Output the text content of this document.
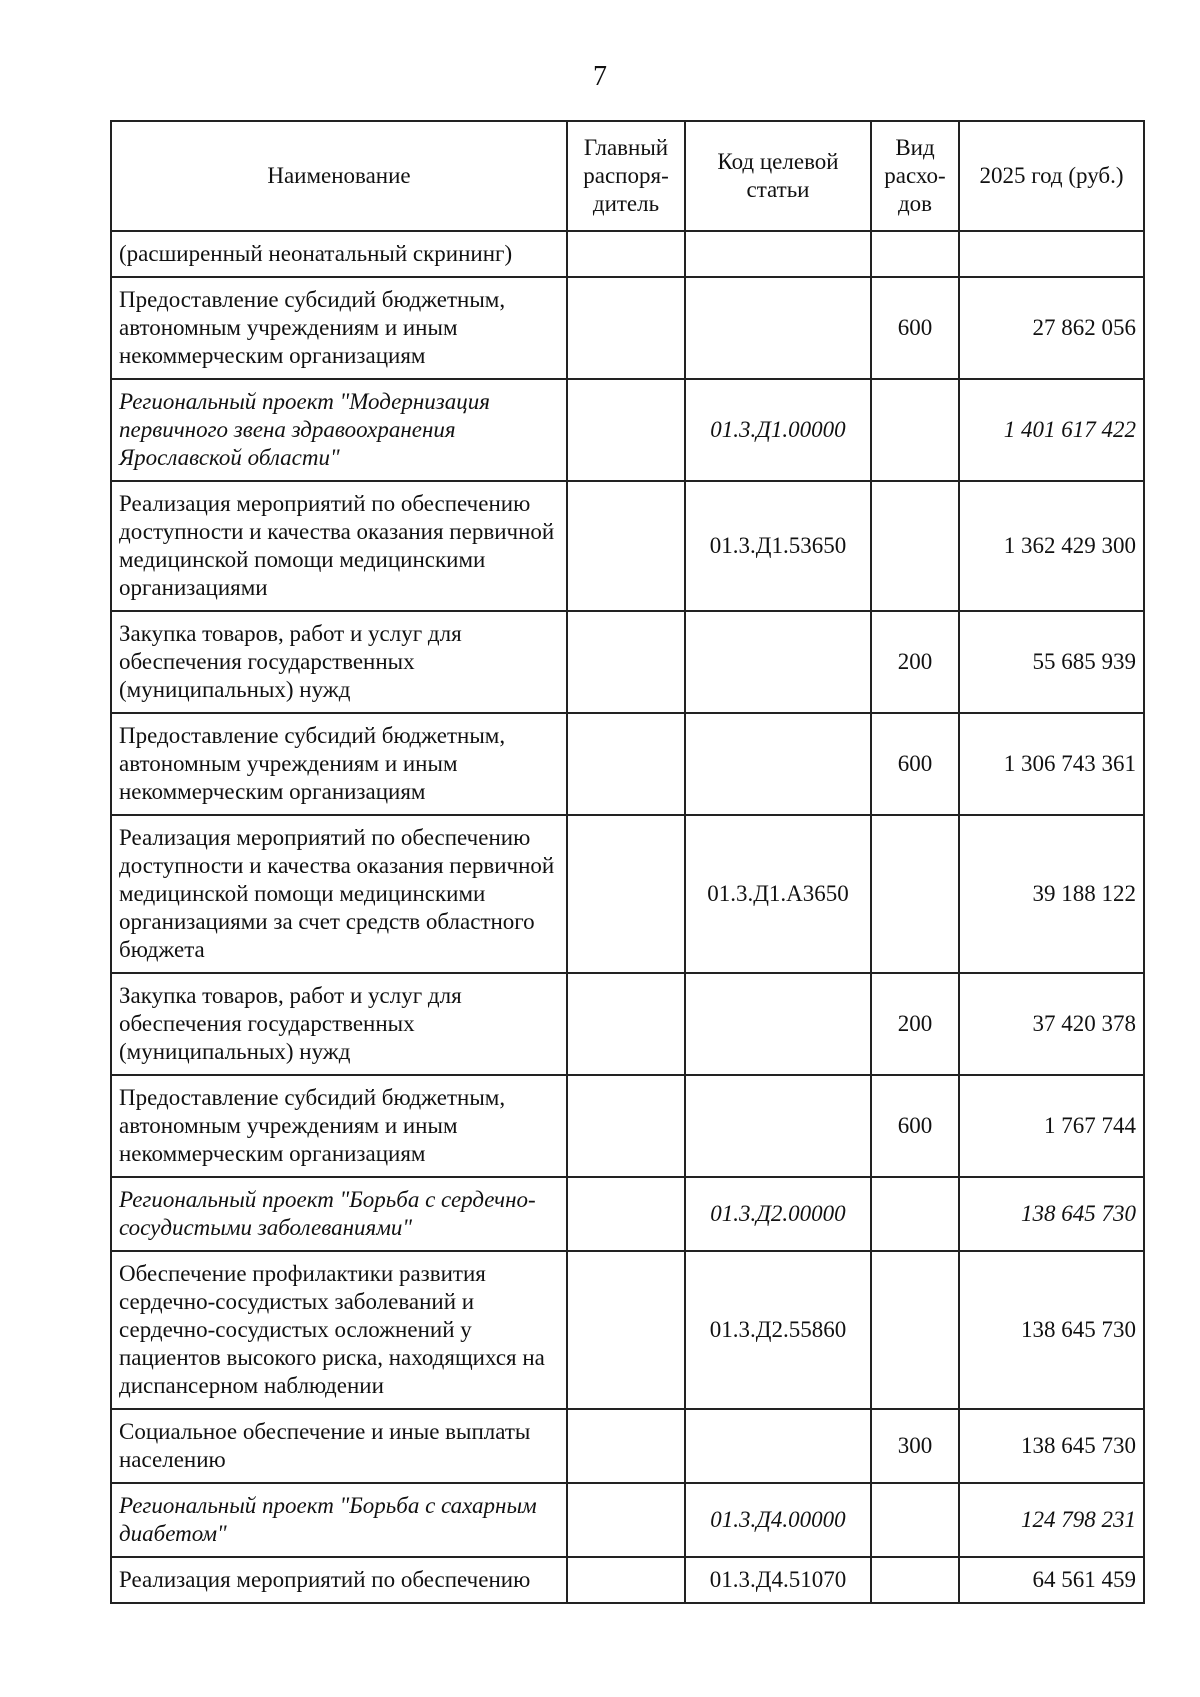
7
Наименование	Главный распоря-дитель	Код целевой статьи	Вид расхо-дов	2025 год (руб.)
(расширенный неонатальный скрининг)				
Предоставление субсидий бюджетным, автономным учреждениям и иным некоммерческим организациям			600	27 862 056
Региональный проект "Модернизация первичного звена здравоохранения Ярославской области"		01.3.Д1.00000		1 401 617 422
Реализация мероприятий по обеспечению доступности и качества оказания первичной медицинской помощи медицинскими организациями		01.3.Д1.53650		1 362 429 300
Закупка товаров, работ и услуг для обеспечения государственных (муниципальных) нужд			200	55 685 939
Предоставление субсидий бюджетным, автономным учреждениям и иным некоммерческим организациям			600	1 306 743 361
Реализация мероприятий по обеспечению доступности и качества оказания первичной медицинской помощи медицинскими организациями за счет средств областного бюджета		01.3.Д1.А3650		39 188 122
Закупка товаров, работ и услуг для обеспечения государственных (муниципальных) нужд			200	37 420 378
Предоставление субсидий бюджетным, автономным учреждениям и иным некоммерческим организациям			600	1 767 744
Региональный проект "Борьба с сердечно-сосудистыми заболеваниями"		01.3.Д2.00000		138 645 730
Обеспечение профилактики развития сердечно-сосудистых заболеваний и сердечно-сосудистых осложнений у пациентов высокого риска, находящихся на диспансерном наблюдении		01.3.Д2.55860		138 645 730
Социальное обеспечение и иные выплаты населению			300	138 645 730
Региональный проект "Борьба с сахарным диабетом"		01.3.Д4.00000		124 798 231
Реализация мероприятий по обеспечению		01.3.Д4.51070		64 561 459
